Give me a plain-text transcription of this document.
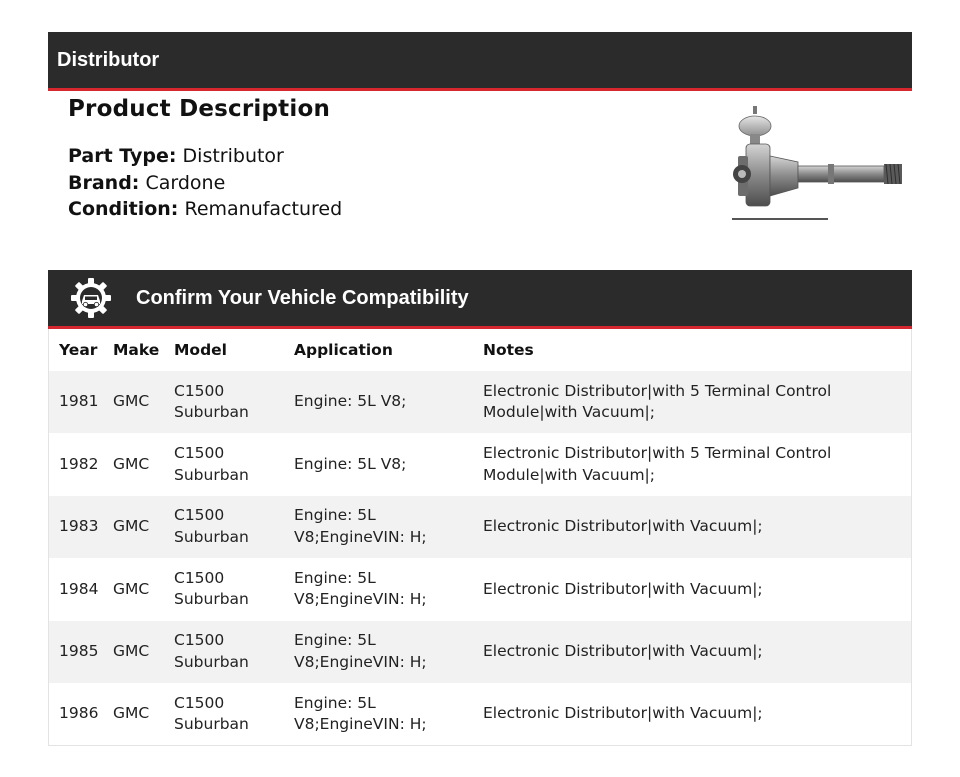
Distributor
Product Description
Part Type: Distributor
Brand: Cardone
Condition: Remanufactured
Confirm Your Vehicle Compatibility
Year	Make	Model	Application	Notes
1981	GMC	C1500 Suburban	Engine: 5L V8;	Electronic Distributor|with 5 Terminal Control Module|with Vacuum|;
1982	GMC	C1500 Suburban	Engine: 5L V8;	Electronic Distributor|with 5 Terminal Control Module|with Vacuum|;
1983	GMC	C1500 Suburban	Engine: 5L V8;EngineVIN: H;	Electronic Distributor|with Vacuum|;
1984	GMC	C1500 Suburban	Engine: 5L V8;EngineVIN: H;	Electronic Distributor|with Vacuum|;
1985	GMC	C1500 Suburban	Engine: 5L V8;EngineVIN: H;	Electronic Distributor|with Vacuum|;
1986	GMC	C1500 Suburban	Engine: 5L V8;EngineVIN: H;	Electronic Distributor|with Vacuum|;
